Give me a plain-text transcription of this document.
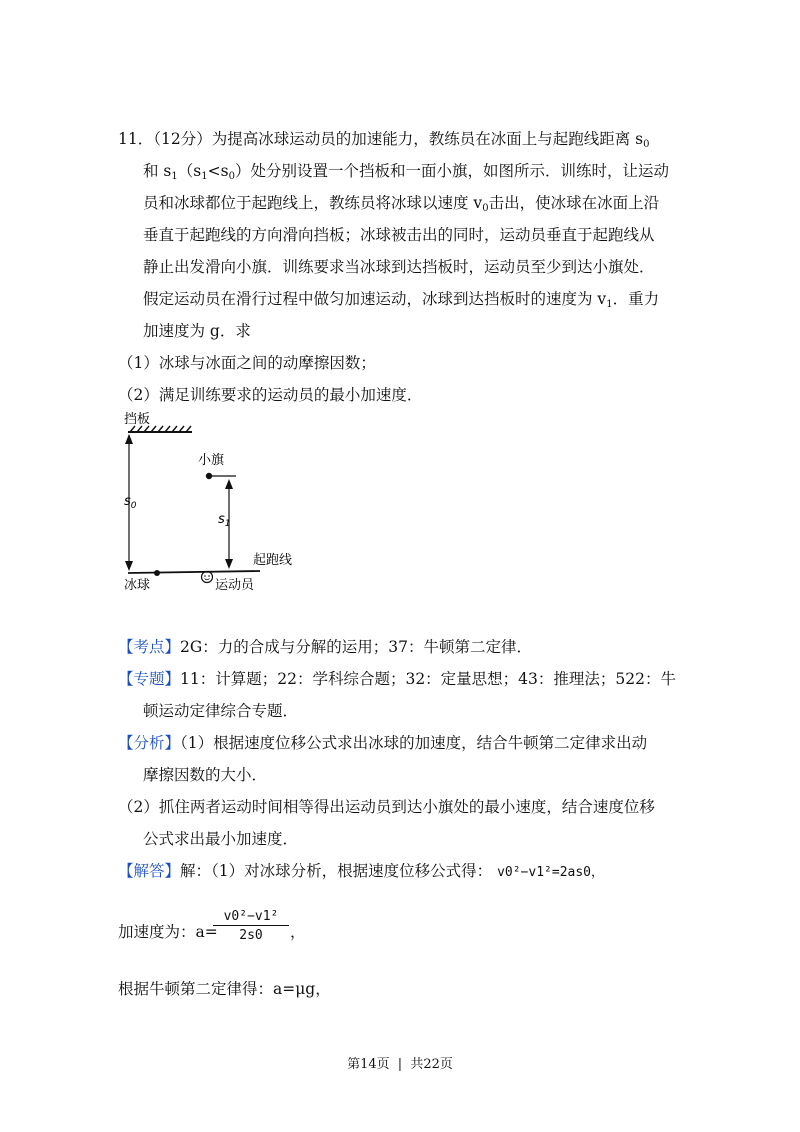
11．（12分）为提高冰球运动员的加速能力，教练员在冰面上与起跑线距离 $s_0$
和 $s_1(s_1<s_0)$处分别设置一个挡板和一面小旗，如图所示．训练时，让运动
员和冰球都位于起跑线上，教练员将冰球以速度 $v_0$击出，使冰球在冰面上沿
垂直于起跑线的方向滑向挡板；冰球被击出的同时，运动员垂直于起跑线从
静止出发滑向小旗．训练要求当冰球到达挡板时，运动员至少到达小旗处．
假定运动员在滑行过程中做匀加速运动，冰球到达挡板时的速度为 $v_1$．重力
加速度为 g．求
（1）冰球与冰面之间的动摩擦因数；
（2）满足训练要求的运动员的最小加速度．
挡板
$s_0$
小旗
$s_1$
起跑线
冰球	运动员
【考点】2G：力的合成与分解的运用；37：牛顿第二定律．
【专题】11：计算题；22：学科综合题；32：定量思想；43：推理法；522：牛
顿运动定律综合专题．
【分析】（1）根据速度位移公式求出冰球的加速度，结合牛顿第二定律求出动
摩擦因数的大小．
（2）抓住两者运动时间相等得出运动员到达小旗处的最小速度，结合速度位移
公式求出最小加速度．
【解答】解：（1）对冰球分析，根据速度位移公式得： v0²−v1²=2as0，
加速度为：a=
$\frac{\text{v0²−v1²}}{2s0}$ ，
根据牛顿第二定律得：a=μg，
第14页 | 共22页
